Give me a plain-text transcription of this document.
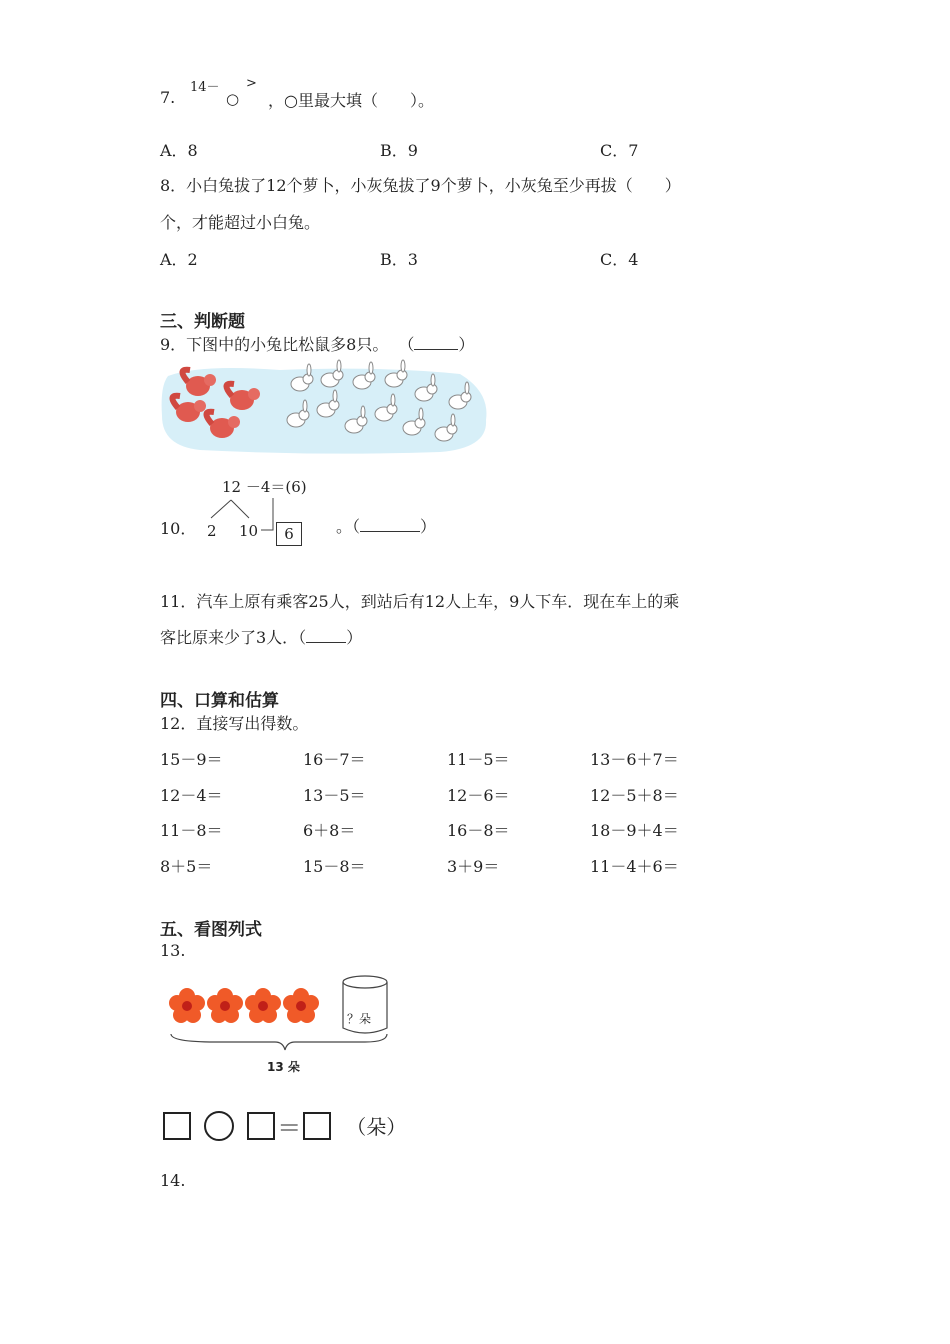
7.
14－ >
○ ，○里最大填（　　）。
A．8	B．9	C．7
8．小白兔拔了12个萝卜，小灰兔拔了9个萝卜，小灰兔至少再拔（　　）
个，才能超过小白兔。
A．2	B．3	C．4
三、判断题
9．下图中的小兔比松鼠多8只。 （	）
10．
12 －4＝(6)
2 10	6	。（	）
11．汽车上原有乘客25人，到站后有12人上车，9人下车．现在车上的乘
客比原来少了3人．（	）
四、口算和估算
12．直接写出得数。
15－9＝	16－7＝	11－5＝	13－6＋7＝
12－4＝	13－5＝	12－6＝	12－5＋8＝
11－8＝	6＋8＝	16－8＝	18－9＋4＝
8＋5＝	15－8＝	3＋9＝	11－4＋6＝
五、看图列式
13.
？朵
13 朵
＝ （朵）
14.
